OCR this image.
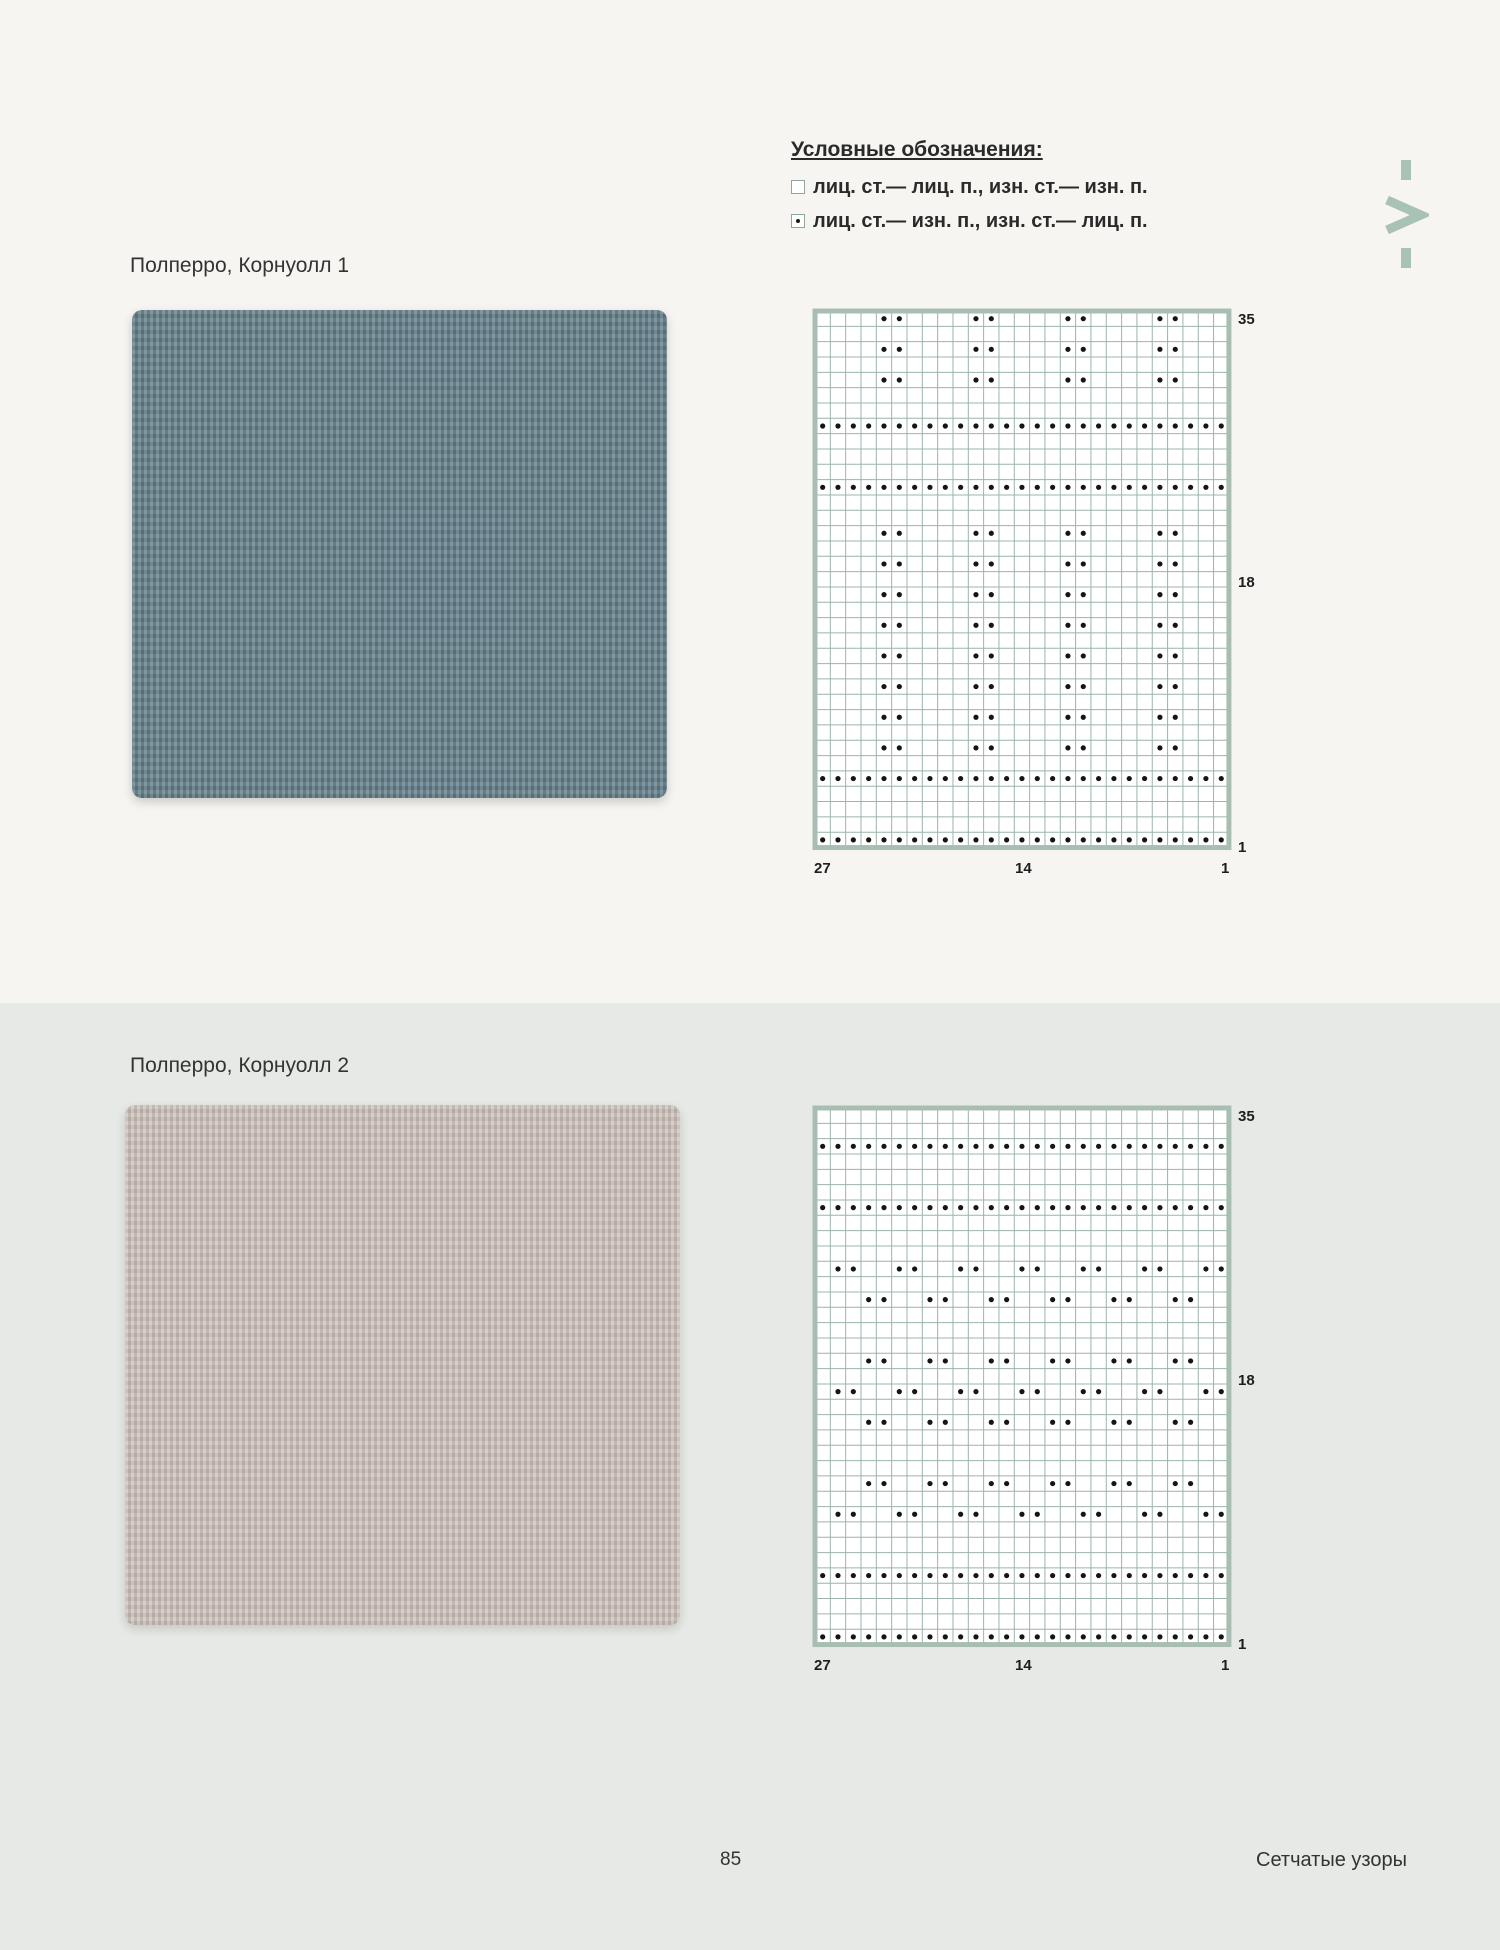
Условные обозначения:
лиц. ст.— лиц. п., изн. ст.— изн. п.
лиц. ст.— изн. п., изн. ст.— лиц. п.
Полперро, Корнуолл 1
35
18
1
27	14	1
Полперро, Корнуолл 2
35
18
1
27	14	1
85	Сетчатые узоры
